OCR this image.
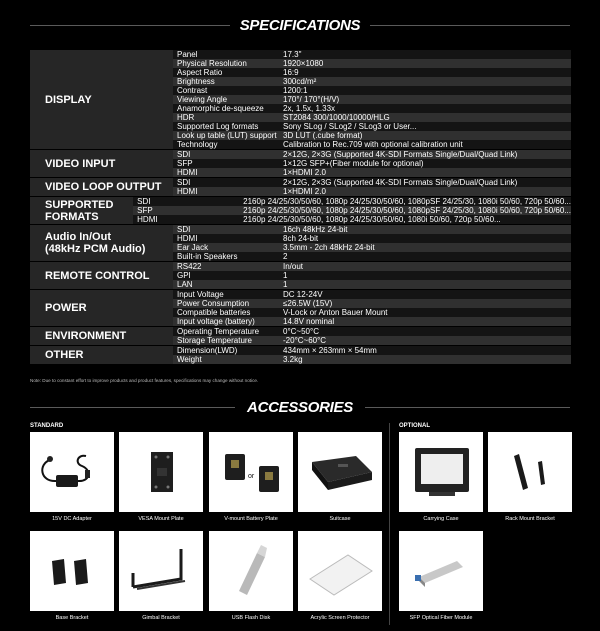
SPECIFICATIONS
DISPLAY
Panel	17.3"
Physical Resolution	1920×1080
Aspect Ratio	16:9
Brightness	300cd/m²
Contrast	1200:1
Viewing Angle	170°/ 170°(H/V)
Anamorphic de-squeeze	2x, 1.5x, 1.33x
HDR	ST2084 300/1000/10000/HLG
Supported Log formats	Sony SLog / SLog2 / SLog3 or User...
Look up table (LUT) support 3D LUT (.cube format)
Technology	Calibration to Rec.709 with optional calibration unit
VIDEO INPUT
SDI	2×12G, 2×3G (Supported 4K-SDI Formats Single/Dual/Quad Link)
SFP	1×12G SFP+(Fiber module for optional)
HDMI	1×HDMI 2.0
VIDEO LOOP OUTPUT	SDI	2×12G, 2×3G (Supported 4K-SDI Formats Single/Dual/Quad Link)
HDMI	1×HDMI 2.0
SUPPORTED FORMATS
SDI	2160p 24/25/30/50/60, 1080p 24/25/30/50/60, 1080pSF 24/25/30, 1080i 50/60, 720p 50/60...
SFP	2160p 24/25/30/50/60, 1080p 24/25/30/50/60, 1080pSF 24/25/30, 1080i 50/60, 720p 50/60...
HDMI	2160p 24/25/30/50/60, 1080p 24/25/30/50/60, 1080i 50/60, 720p 50/60...
Audio In/Out
(48kHz PCM Audio)
SDI	16ch 48kHz 24-bit
HDMI	8ch 24-bit
Ear Jack	3.5mm - 2ch 48kHz 24-bit
Built-in Speakers	2
REMOTE CONTROL
RS422	In/out
GPI	1
LAN	1
POWER
Input Voltage	DC 12-24V
Power Consumption	≤26.5W (15V)
Compatible batteries	V-Lock or Anton Bauer Mount
Input voltage (battery)	14.8V nominal
ENVIRONMENT	Operating Temperature	0°C~50°C
Storage Temperature	-20°C~60°C
OTHER	Dimension(LWD)	434mm × 263mm × 54mm
Weight	3.2kg
Note: Due to constant effort to improve products and product features, specifications may change without notice.
ACCESSORIES
STANDARD	OPTIONAL
15V DC Adapter	VESA Mount Plate
or
V-mount Battery Plate	Suitcase	Carrying Case	Rack Mount Bracket
Base Bracket	Gimbal Bracket	USB Flash Disk	Acrylic Screen Protector	SFP Optical Fiber Module
